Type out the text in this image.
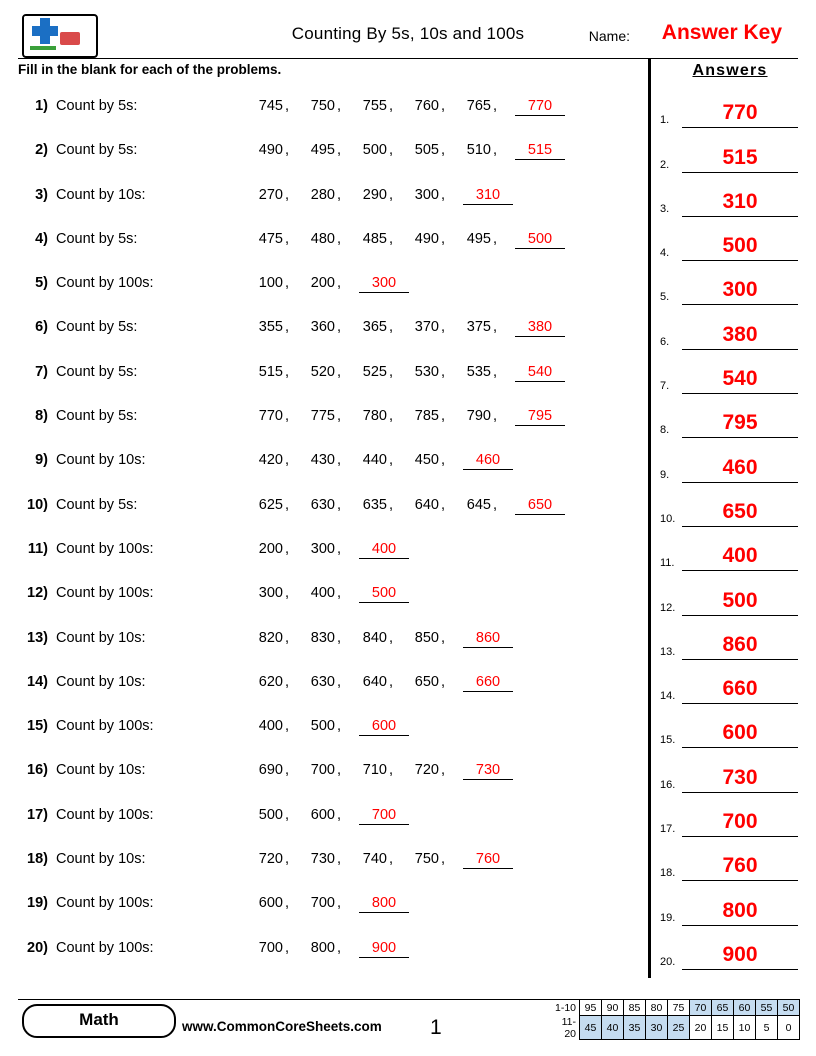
Counting By 5s, 10s and 100s	Name: Answer Key
Fill in the blank for each of the problems.
1) Count by 5s:	745 , 750 , 755 , 760 , 765 , 770
2) Count by 5s:	490 , 495 , 500 , 505 , 510 , 515
3) Count by 10s:	270 , 280 , 290 , 300 , 310
4) Count by 5s:	475 , 480 , 485 , 490 , 495 , 500
5) Count by 100s:	100 , 200 , 300
6) Count by 5s:	355 , 360 , 365 , 370 , 375 , 380
7) Count by 5s:	515 , 520 , 525 , 530 , 535 , 540
8) Count by 5s:	770 , 775 , 780 , 785 , 790 , 795
9) Count by 10s:	420 , 430 , 440 , 450 , 460
10) Count by 5s:	625 , 630 , 635 , 640 , 645 , 650
11) Count by 100s:	200 , 300 , 400
12) Count by 100s:	300 , 400 , 500
13) Count by 10s:	820 , 830 , 840 , 850 , 860
14) Count by 10s:	620 , 630 , 640 , 650 , 660
15) Count by 100s:	400 , 500 , 600
16) Count by 10s:	690 , 700 , 710 , 720 , 730
17) Count by 100s:	500 , 600 , 700
18) Count by 10s:	720 , 730 , 740 , 750 , 760
19) Count by 100s:	600 , 700 , 800
20) Count by 100s:	700 , 800 , 900
Answers
1.	770
2.	515
3.	310
4.	500
5.	300
6.	380
7.	540
8.	795
9.	460
10.	650
11.	400
12.	500
13.	860
14.	660
15.	600
16.	730
17.	700
18.	760
19.	800
20.	900
Math	www.CommonCoreSheets.com 1
1-10	95	90	85	80	75	70	65	60	55	50
11-20	45	40	35	30	25	20	15	10	5	0
